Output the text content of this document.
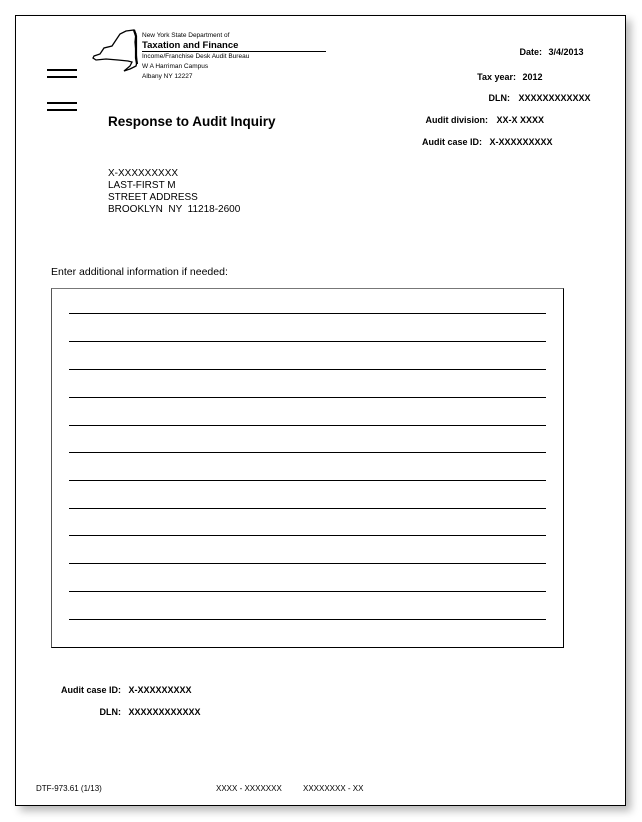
New York State Department of
Taxation and Finance
Income/Franchise Desk Audit Bureau
W A Harriman Campus
Albany NY 12227
Response to Audit Inquiry
Date: 3/4/2013
Tax year: 2012
DLN: XXXXXXXXXXXX
Audit division: XX-X XXXX
Audit case ID: X-XXXXXXXXX
X-XXXXXXXXX
LAST-FIRST M
STREET ADDRESS
BROOKLYN  NY  11218-2600
Enter additional information if needed:
Audit case ID: X-XXXXXXXXX
DLN: XXXXXXXXXXXX
DTF-973.61 (1/13)	XXXX - XXXXXXX	XXXXXXXX - XX
